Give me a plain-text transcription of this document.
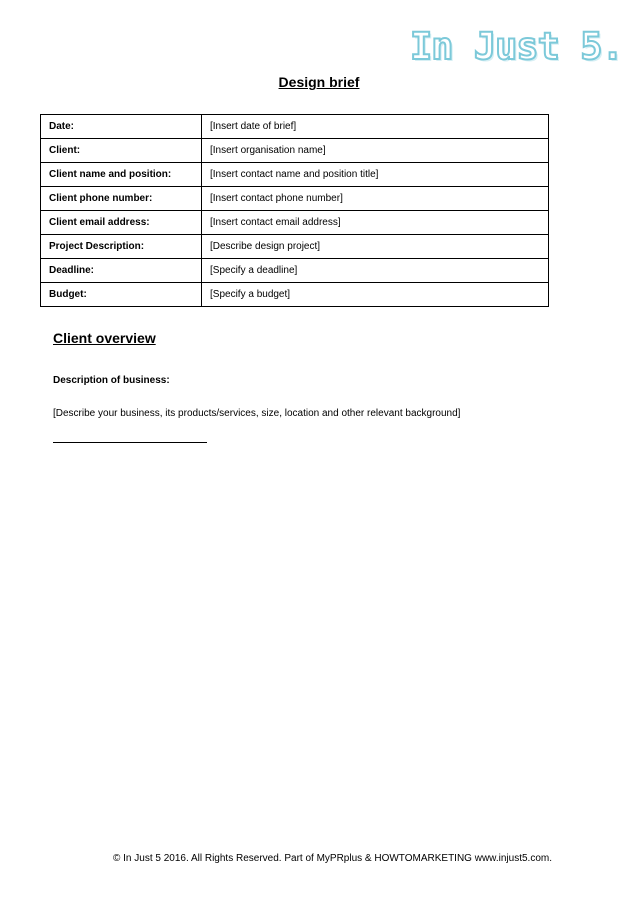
In Just 5.
Design brief
Date:	[Insert date of brief]
Client:	[Insert organisation name]
Client name and position:	[Insert contact name and position title]
Client phone number:	[Insert contact phone number]
Client email address:	[Insert contact email address]
Project Description:	[Describe design project]
Deadline:	[Specify a deadline]
Budget:	[Specify a budget]
Client overview
Description of business:
[Describe your business, its products/services, size, location and other relevant background]
© In Just 5 2016. All Rights Reserved. Part of MyPRplus & HOWTOMARKETING www.injust5.com.
